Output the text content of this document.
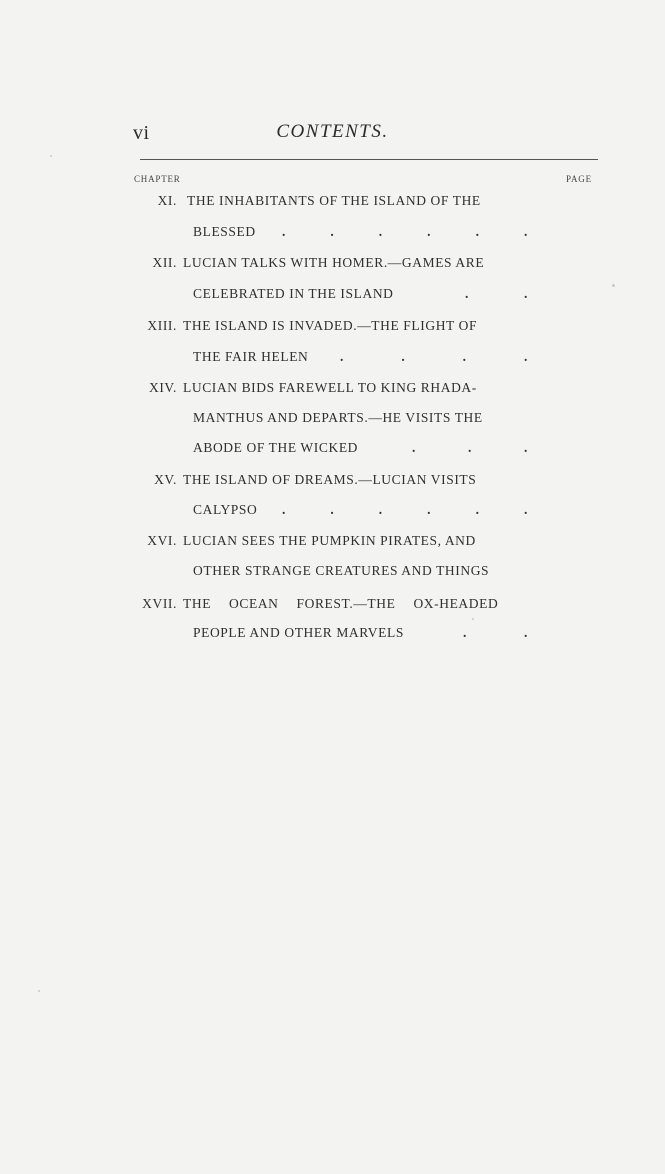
vi	CONTENTS.
CHAPTER	PAGE
XI. THE INHABITANTS OF THE ISLAND OF THE
BLESSED .	.	.	.	.	.
XII. LUCIAN TALKS WITH HOMER.—GAMES ARE
CELEBRATED IN THE ISLAND	.	.
XIII. THE ISLAND IS INVADED.—THE FLIGHT OF
THE FAIR HELEN .	.	.	.
XIV. LUCIAN BIDS FAREWELL TO KING RHADA-
MANTHUS AND DEPARTS.—HE VISITS THE
ABODE OF THE WICKED	.	.	.
XV. THE ISLAND OF DREAMS.—LUCIAN VISITS
CALYPSO .	.	.	.	.	.
XVI. LUCIAN SEES THE PUMPKIN PIRATES, AND
OTHER STRANGE CREATURES AND THINGS
XVII. THE OCEAN FOREST.—THE OX-HEADED
PEOPLE AND OTHER MARVELS	.	.
